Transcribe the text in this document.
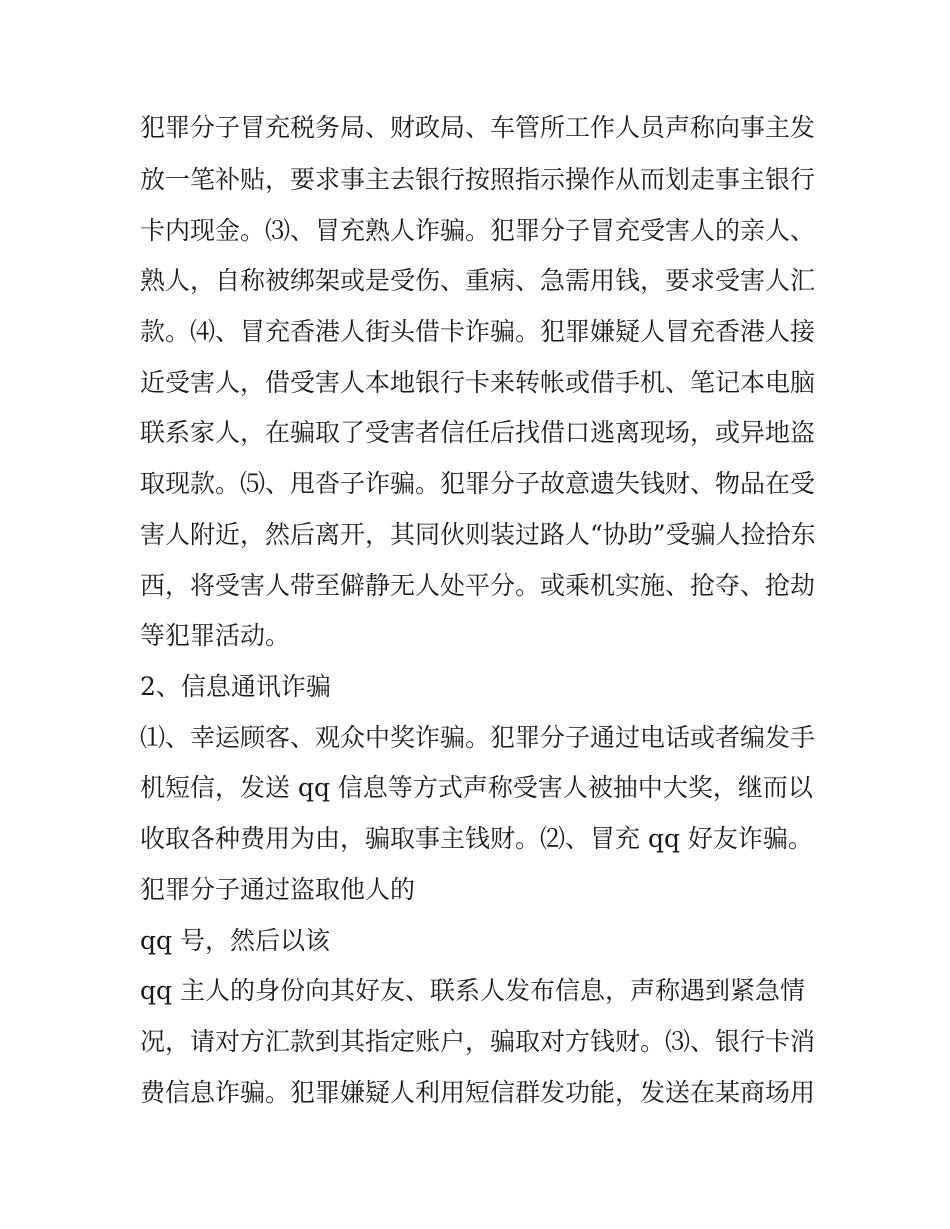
犯罪分子冒充税务局、财政局、车管所工作人员声称向事主发
放一笔补贴，要求事主去银行按照指示操作从而划走事主银行
卡内现金。⑶、冒充熟人诈骗。犯罪分子冒充受害人的亲人、
熟人，自称被绑架或是受伤、重病、急需用钱，要求受害人汇
款。⑷、冒充香港人街头借卡诈骗。犯罪嫌疑人冒充香港人接
近受害人，借受害人本地银行卡来转帐或借手机、笔记本电脑
联系家人，在骗取了受害者信任后找借口逃离现场，或异地盗
取现款。⑸、甩沓子诈骗。犯罪分子故意遗失钱财、物品在受
害人附近，然后离开，其同伙则装过路人“协助”受骗人捡拾东
西，将受害人带至僻静无人处平分。或乘机实施、抢夺、抢劫
等犯罪活动。
2、信息通讯诈骗
⑴、幸运顾客、观众中奖诈骗。犯罪分子通过电话或者编发手
机短信，发送 qq 信息等方式声称受害人被抽中大奖，继而以
收取各种费用为由，骗取事主钱财。⑵、冒充 qq 好友诈骗。
犯罪分子通过盗取他人的
qq 号，然后以该
qq 主人的身份向其好友、联系人发布信息，声称遇到紧急情
况，请对方汇款到其指定账户，骗取对方钱财。⑶、银行卡消
费信息诈骗。犯罪嫌疑人利用短信群发功能，发送在某商场用
